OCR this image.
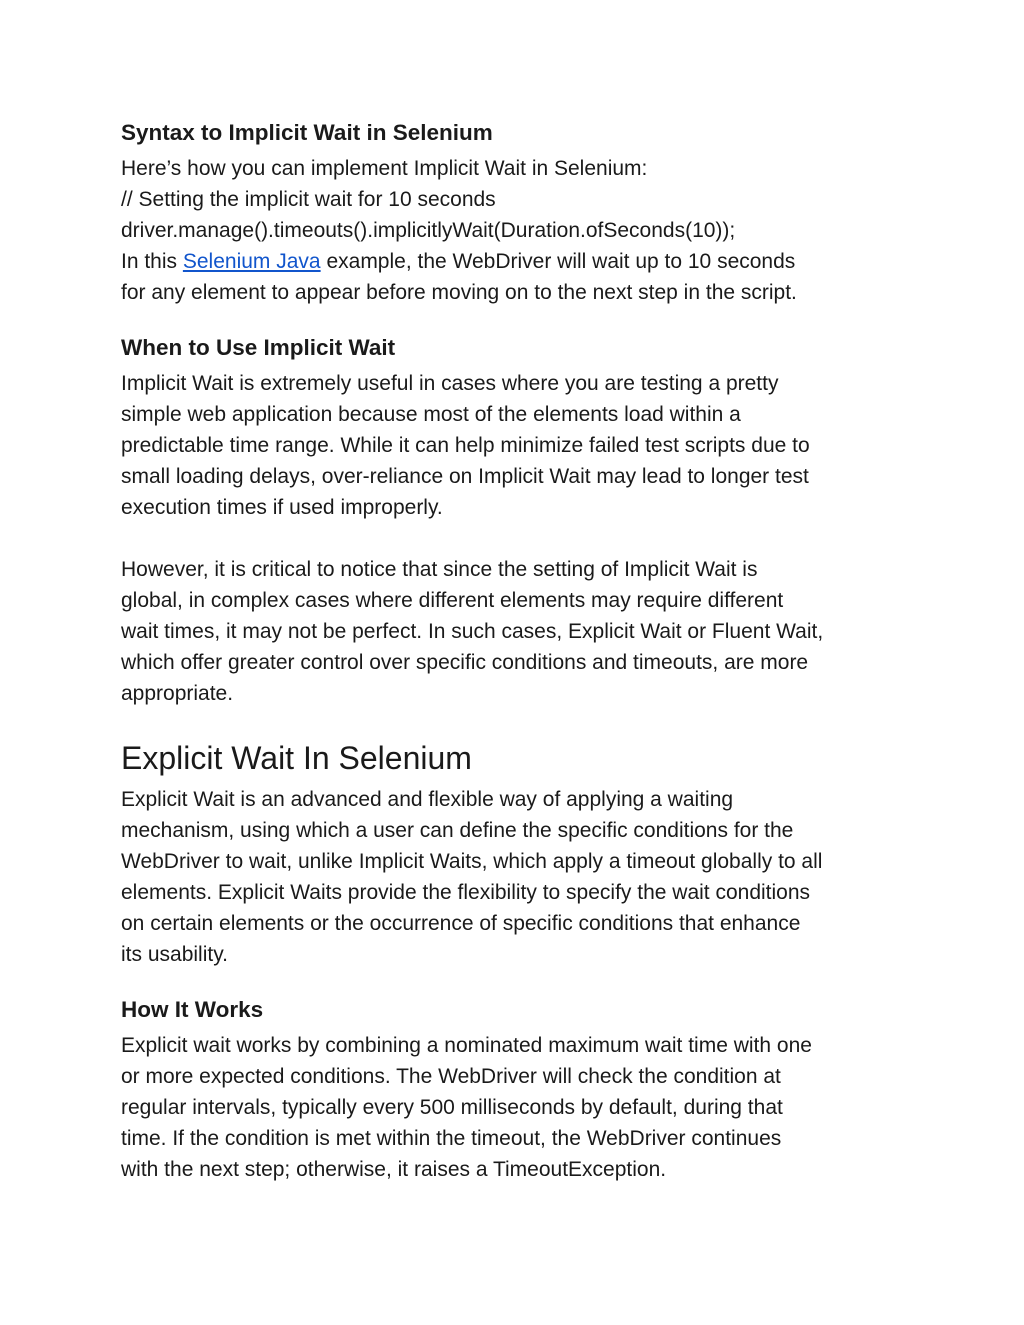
Syntax to Implicit Wait in Selenium
Here’s how you can implement Implicit Wait in Selenium:
// Setting the implicit wait for 10 seconds
driver.manage().timeouts().implicitlyWait(Duration.ofSeconds(10));
In this Selenium Java example, the WebDriver will wait up to 10 seconds
for any element to appear before moving on to the next step in the script.
When to Use Implicit Wait
Implicit Wait is extremely useful in cases where you are testing a pretty
simple web application because most of the elements load within a
predictable time range. While it can help minimize failed test scripts due to
small loading delays, over-reliance on Implicit Wait may lead to longer test
execution times if used improperly.
However, it is critical to notice that since the setting of Implicit Wait is
global, in complex cases where different elements may require different
wait times, it may not be perfect. In such cases, Explicit Wait or Fluent Wait,
which offer greater control over specific conditions and timeouts, are more
appropriate.
Explicit Wait In Selenium
Explicit Wait is an advanced and flexible way of applying a waiting
mechanism, using which a user can define the specific conditions for the
WebDriver to wait, unlike Implicit Waits, which apply a timeout globally to all
elements. Explicit Waits provide the flexibility to specify the wait conditions
on certain elements or the occurrence of specific conditions that enhance
its usability.
How It Works
Explicit wait works by combining a nominated maximum wait time with one
or more expected conditions. The WebDriver will check the condition at
regular intervals, typically every 500 milliseconds by default, during that
time. If the condition is met within the timeout, the WebDriver continues
with the next step; otherwise, it raises a TimeoutException.
